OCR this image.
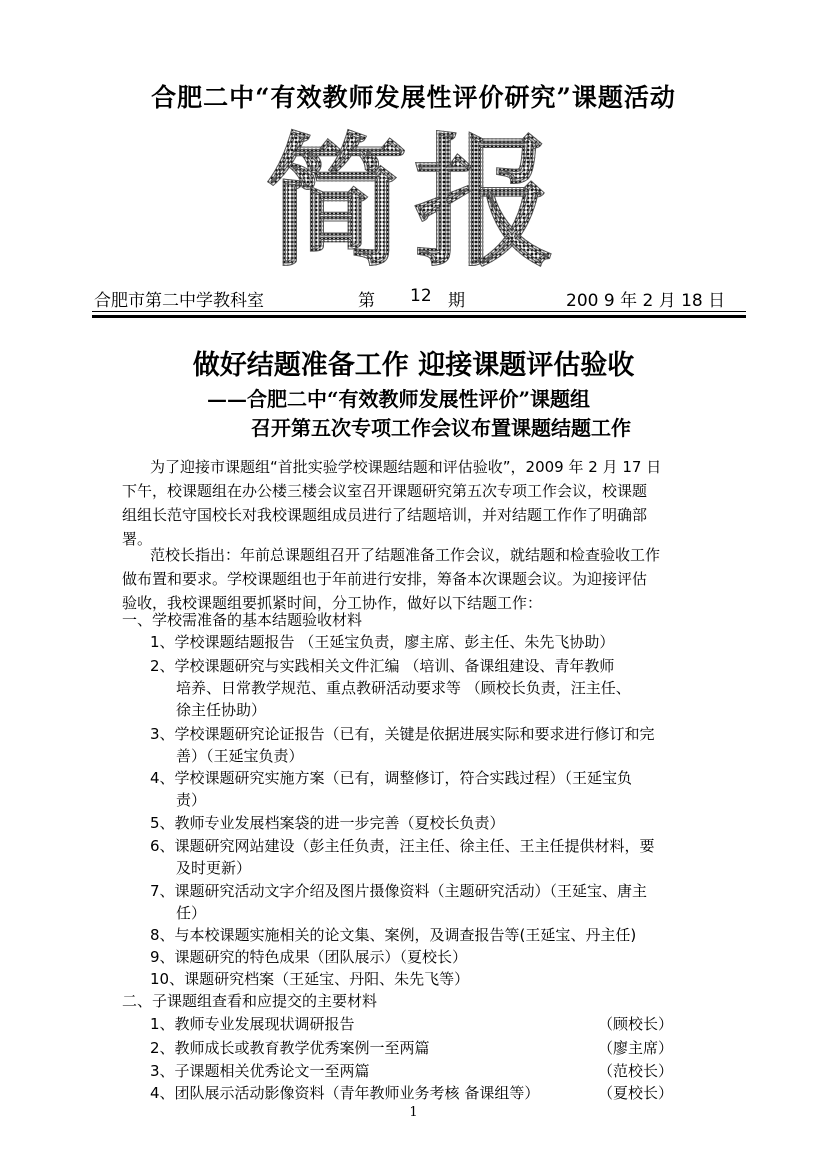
合肥二中“有效教师发展性评价研究”课题活动
简报
合肥市第二中学教科室	第 12 期	200 9 年 2 月 18 日
做好结题准备工作 迎接课题评估验收
——合肥二中“有效教师发展性评价”课题组
召开第五次专项工作会议布置课题结题工作
为了迎接市课题组“首批实验学校课题结题和评估验收”，2009 年 2 月 17 日
下午，校课题组在办公楼三楼会议室召开课题研究第五次专项工作会议，校课题
组组长范守国校长对我校课题组成员进行了结题培训，并对结题工作作了明确部
署。
范校长指出：年前总课题组召开了结题准备工作会议，就结题和检查验收工作
做布置和要求。学校课题组也于年前进行安排，筹备本次课题会议。为迎接评估
验收，我校课题组要抓紧时间，分工协作，做好以下结题工作：
一、学校需准备的基本结题验收材料
1、学校课题结题报告 （王延宝负责，廖主席、彭主任、朱先飞协助）
2、学校课题研究与实践相关文件汇编 （培训、备课组建设、青年教师
培养、日常教学规范、重点教研活动要求等 （顾校长负责，汪主任、
徐主任协助）
3、学校课题研究论证报告（已有，关键是依据进展实际和要求进行修订和完
善）（王延宝负责）
4、学校课题研究实施方案（已有，调整修订，符合实践过程）（王延宝负
责）
5、教师专业发展档案袋的进一步完善（夏校长负责）
6、课题研究网站建设（彭主任负责，汪主任、徐主任、王主任提供材料，要
及时更新）
7、课题研究活动文字介绍及图片摄像资料（主题研究活动）（王延宝、唐主
任）
8、与本校课题实施相关的论文集、案例，及调查报告等(王延宝、丹主任)
9、课题研究的特色成果（团队展示）（夏校长）
10、课题研究档案（王延宝、丹阳、朱先飞等）
二、子课题组查看和应提交的主要材料
1、教师专业发展现状调研报告	（顾校长）
2、教师成长或教育教学优秀案例一至两篇	（廖主席）
3、子课题相关优秀论文一至两篇	（范校长）
4、团队展示活动影像资料（青年教师业务考核 备课组等）	（夏校长）
1
